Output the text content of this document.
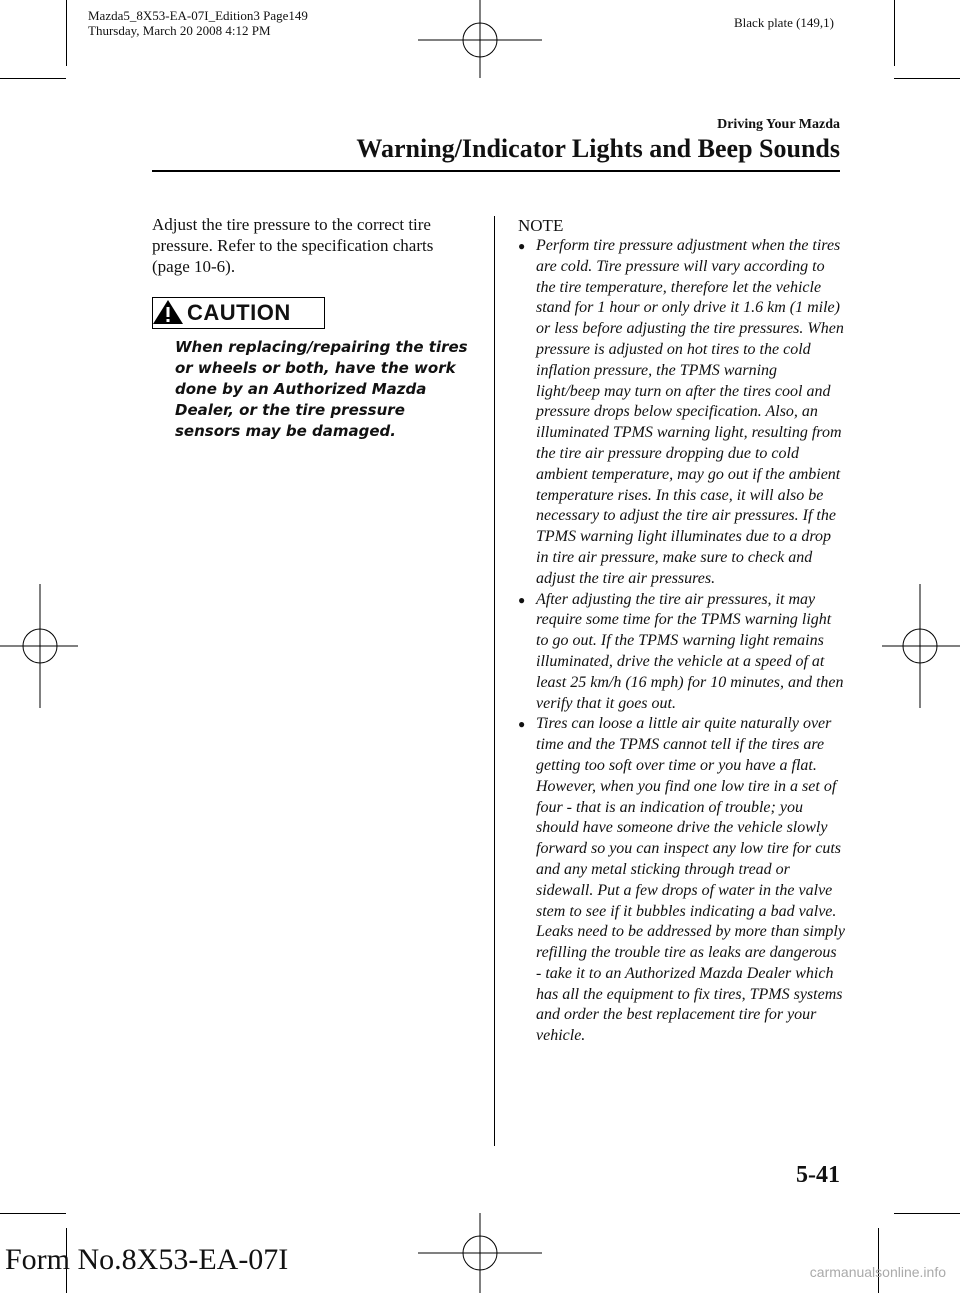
Mazda5_8X53-EA-07I_Edition3 Page149
Thursday, March 20 2008 4:12 PM
Black plate (149,1)
Driving Your Mazda
Warning/Indicator Lights and Beep Sounds
Adjust the tire pressure to the correct tire pressure. Refer to the specification charts (page 10-6).
CAUTION
When replacing/repairing the tires or wheels or both, have the work done by an Authorized Mazda Dealer, or the tire pressure sensors may be damaged.
NOTE
● Perform tire pressure adjustment when the tires are cold. Tire pressure will vary according to the tire temperature, therefore let the vehicle stand for 1 hour or only drive it 1.6 km (1 mile) or less before adjusting the tire pressures. When pressure is adjusted on hot tires to the cold inflation pressure, the TPMS warning light/beep may turn on after the tires cool and pressure drops below specification. Also, an illuminated TPMS warning light, resulting from the tire air pressure dropping due to cold ambient temperature, may go out if the ambient temperature rises. In this case, it will also be necessary to adjust the tire air pressures. If the TPMS warning light illuminates due to a drop in tire air pressure, make sure to check and adjust the tire air pressures.
● After adjusting the tire air pressures, it may require some time for the TPMS warning light to go out. If the TPMS warning light remains illuminated, drive the vehicle at a speed of at least 25 km/h (16 mph) for 10 minutes, and then verify that it goes out.
● Tires can loose a little air quite naturally over time and the TPMS cannot tell if the tires are getting too soft over time or you have a flat. However, when you find one low tire in a set of four - that is an indication of trouble; you should have someone drive the vehicle slowly forward so you can inspect any low tire for cuts and any metal sticking through tread or sidewall. Put a few drops of water in the valve stem to see if it bubbles indicating a bad valve. Leaks need to be addressed by more than simply refilling the trouble tire as leaks are dangerous - take it to an Authorized Mazda Dealer which has all the equipment to fix tires, TPMS systems and order the best replacement tire for your vehicle.
5-41
Form No.8X53-EA-07I	carmanualsonline.info
